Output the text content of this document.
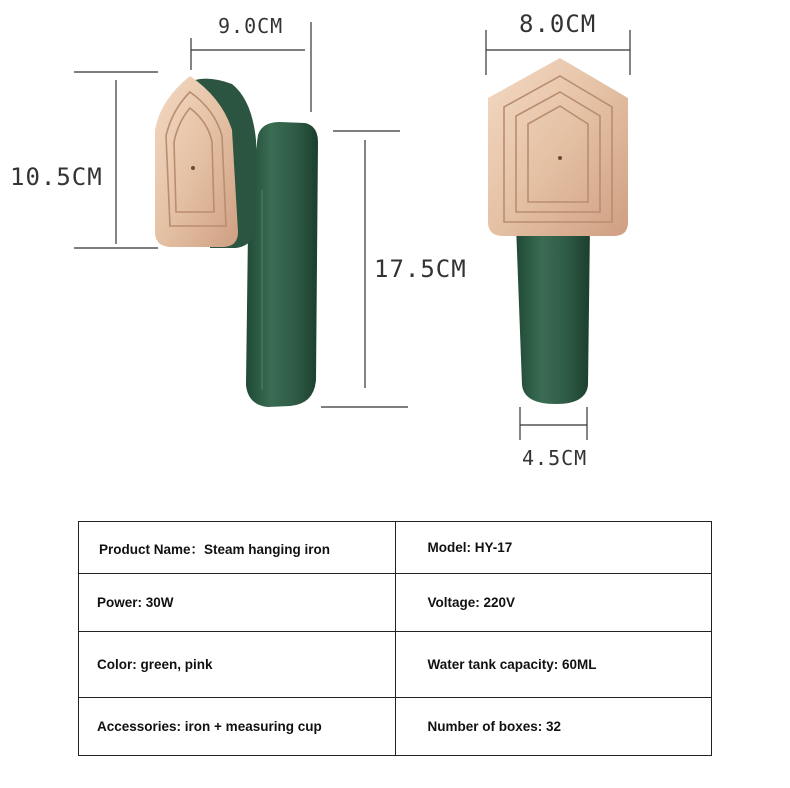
9.0CM	8.0CM
10.5CM
17.5CM
4.5CM
Product Name：Steam hanging iron	Model: HY-17
Power: 30W	Voltage: 220V
Color: green, pink	Water tank capacity: 60ML
Accessories: iron + measuring cup	Number of boxes: 32
